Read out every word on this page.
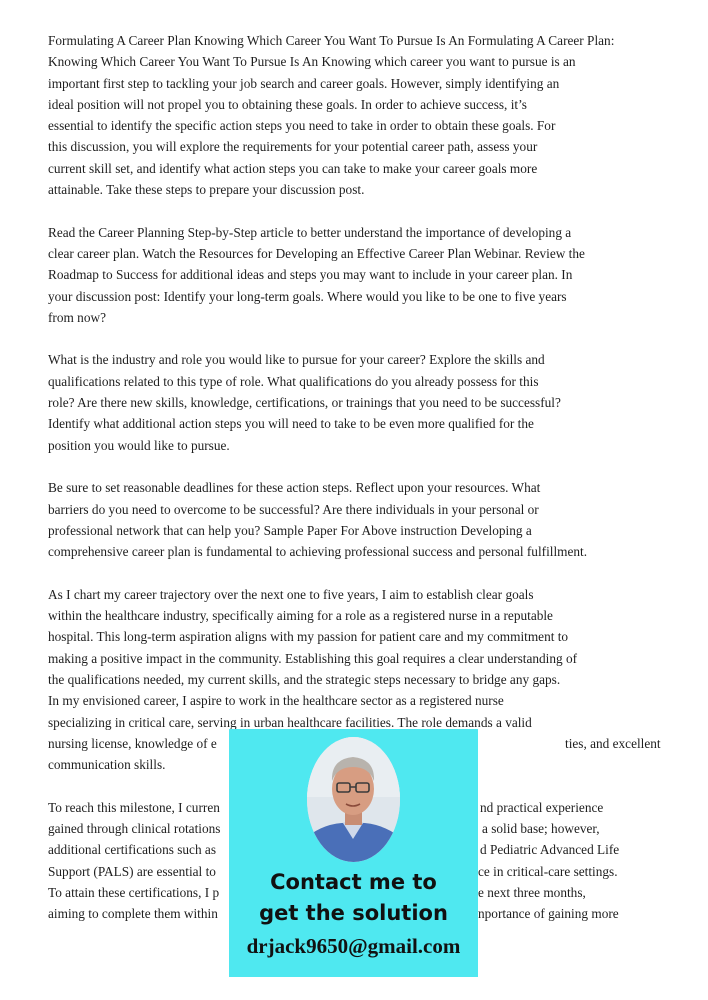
Formulating A Career Plan Knowing Which Career You Want To Pursue Is An Formulating A Career Plan:
Knowing Which Career You Want To Pursue Is An Knowing which career you want to pursue is an
important first step to tackling your job search and career goals. However, simply identifying an
ideal position will not propel you to obtaining these goals. In order to achieve success, it’s
essential to identify the specific action steps you need to take in order to obtain these goals. For
this discussion, you will explore the requirements for your potential career path, assess your
current skill set, and identify what action steps you can take to make your career goals more
attainable. Take these steps to prepare your discussion post.
Read the Career Planning Step-by-Step article to better understand the importance of developing a
clear career plan. Watch the Resources for Developing an Effective Career Plan Webinar. Review the
Roadmap to Success for additional ideas and steps you may want to include in your career plan. In
your discussion post: Identify your long-term goals. Where would you like to be one to five years
from now?
What is the industry and role you would like to pursue for your career? Explore the skills and
qualifications related to this type of role. What qualifications do you already possess for this
role? Are there new skills, knowledge, certifications, or trainings that you need to be successful?
Identify what additional action steps you will need to take to be even more qualified for the
position you would like to pursue.
Be sure to set reasonable deadlines for these action steps. Reflect upon your resources. What
barriers do you need to overcome to be successful? Are there individuals in your personal or
professional network that can help you? Sample Paper For Above instruction Developing a
comprehensive career plan is fundamental to achieving professional success and personal fulfillment.
As I chart my career trajectory over the next one to five years, I aim to establish clear goals
within the healthcare industry, specifically aiming for a role as a registered nurse in a reputable
hospital. This long-term aspiration aligns with my passion for patient care and my commitment to
making a positive impact in the community. Establishing this goal requires a clear understanding of
the qualifications needed, my current skills, and the strategic steps necessary to bridge any gaps.
In my envisioned career, I aspire to work in the healthcare sector as a registered nurse
specializing in critical care, serving in urban healthcare facilities. The role demands a valid
nursing license, knowledge of e	ties, and excellent
communication skills.
To reach this milestone, I curren	nd practical experience
gained through clinical rotations	a solid base; however,
additional certifications such as	d Pediatric Advanced Life
Support (PALS) are essential to	ce in critical-care settings.
To attain these certifications, I p	e next three months,
aiming to complete them within	nportance of gaining more
Contact me to
get the solution
drjack9650@gmail.com
